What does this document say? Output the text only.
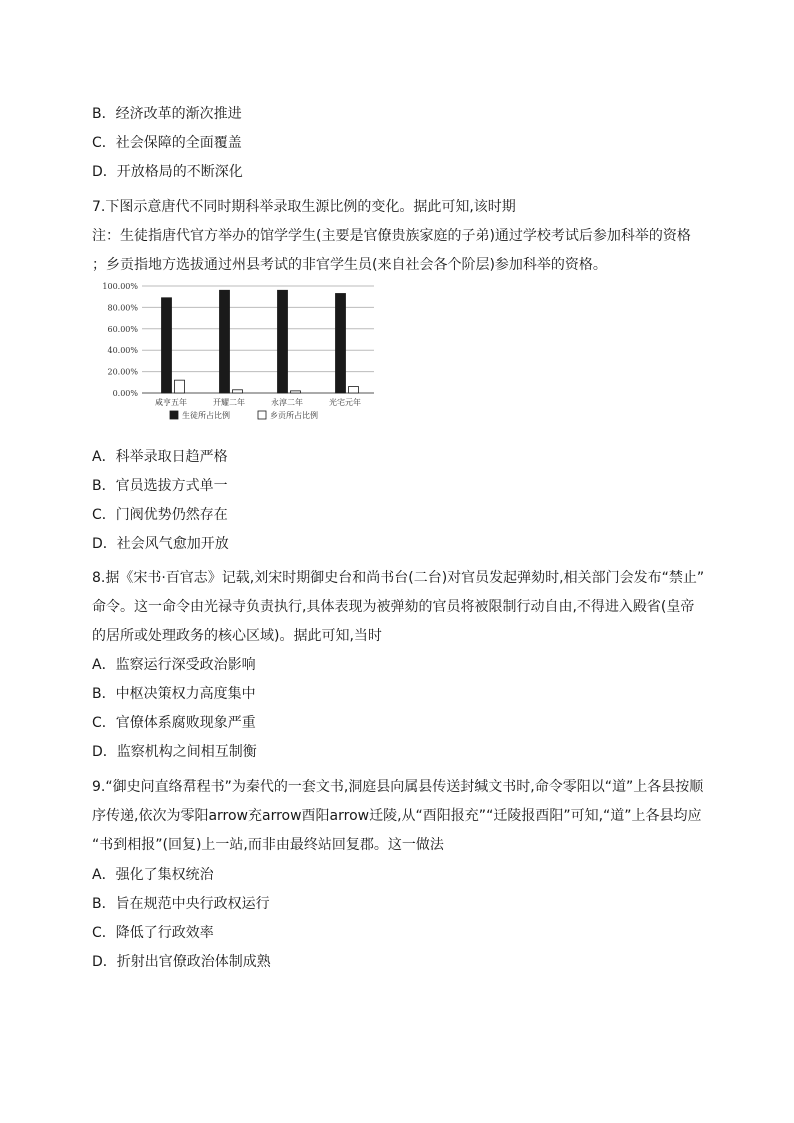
B．经济改革的渐次推进
C．社会保障的全面覆盖
D．开放格局的不断深化
7.下图示意唐代不同时期科举录取生源比例的变化。据此可知,该时期
注：生徒指唐代官方举办的馆学学生(主要是官僚贵族家庭的子弟)通过学校考试后参加科举的资格
；乡贡指地方选拔通过州县考试的非官学生员(来自社会各个阶层)参加科举的资格。
100.00%
80.00%
60.00%
40.00%
20.00%
0.00%
咸亨五年	开耀二年	永淳二年	光宅元年
生徒所占比例	乡贡所占比例
A．科举录取日趋严格
B．官员选拔方式单一
C．门阀优势仍然存在
D．社会风气愈加开放
8.据《宋书·百官志》记载,刘宋时期御史台和尚书台(二台)对官员发起弹劾时,相关部门会发布“禁止”
命令。这一命令由光禄寺负责执行,具体表现为被弹劾的官员将被限制行动自由,不得进入殿省(皇帝
的居所或处理政务的核心区域)。据此可知,当时
A．监察运行深受政治影响
B．中枢决策权力高度集中
C．官僚体系腐败现象严重
D．监察机构之间相互制衡
9.“御史问直络帬程书”为秦代的一套文书,洞庭县向属县传送封缄文书时,命令零阳以“道”上各县按顺
序传递,依次为零阳arrow充arrow酉阳arrow迁陵,从“酉阳报充”“迁陵报酉阳”可知,“道”上各县均应
“书到相报”(回复)上一站,而非由最终站回复郡。这一做法
A．强化了集权统治
B．旨在规范中央行政权运行
C．降低了行政效率
D．折射出官僚政治体制成熟
